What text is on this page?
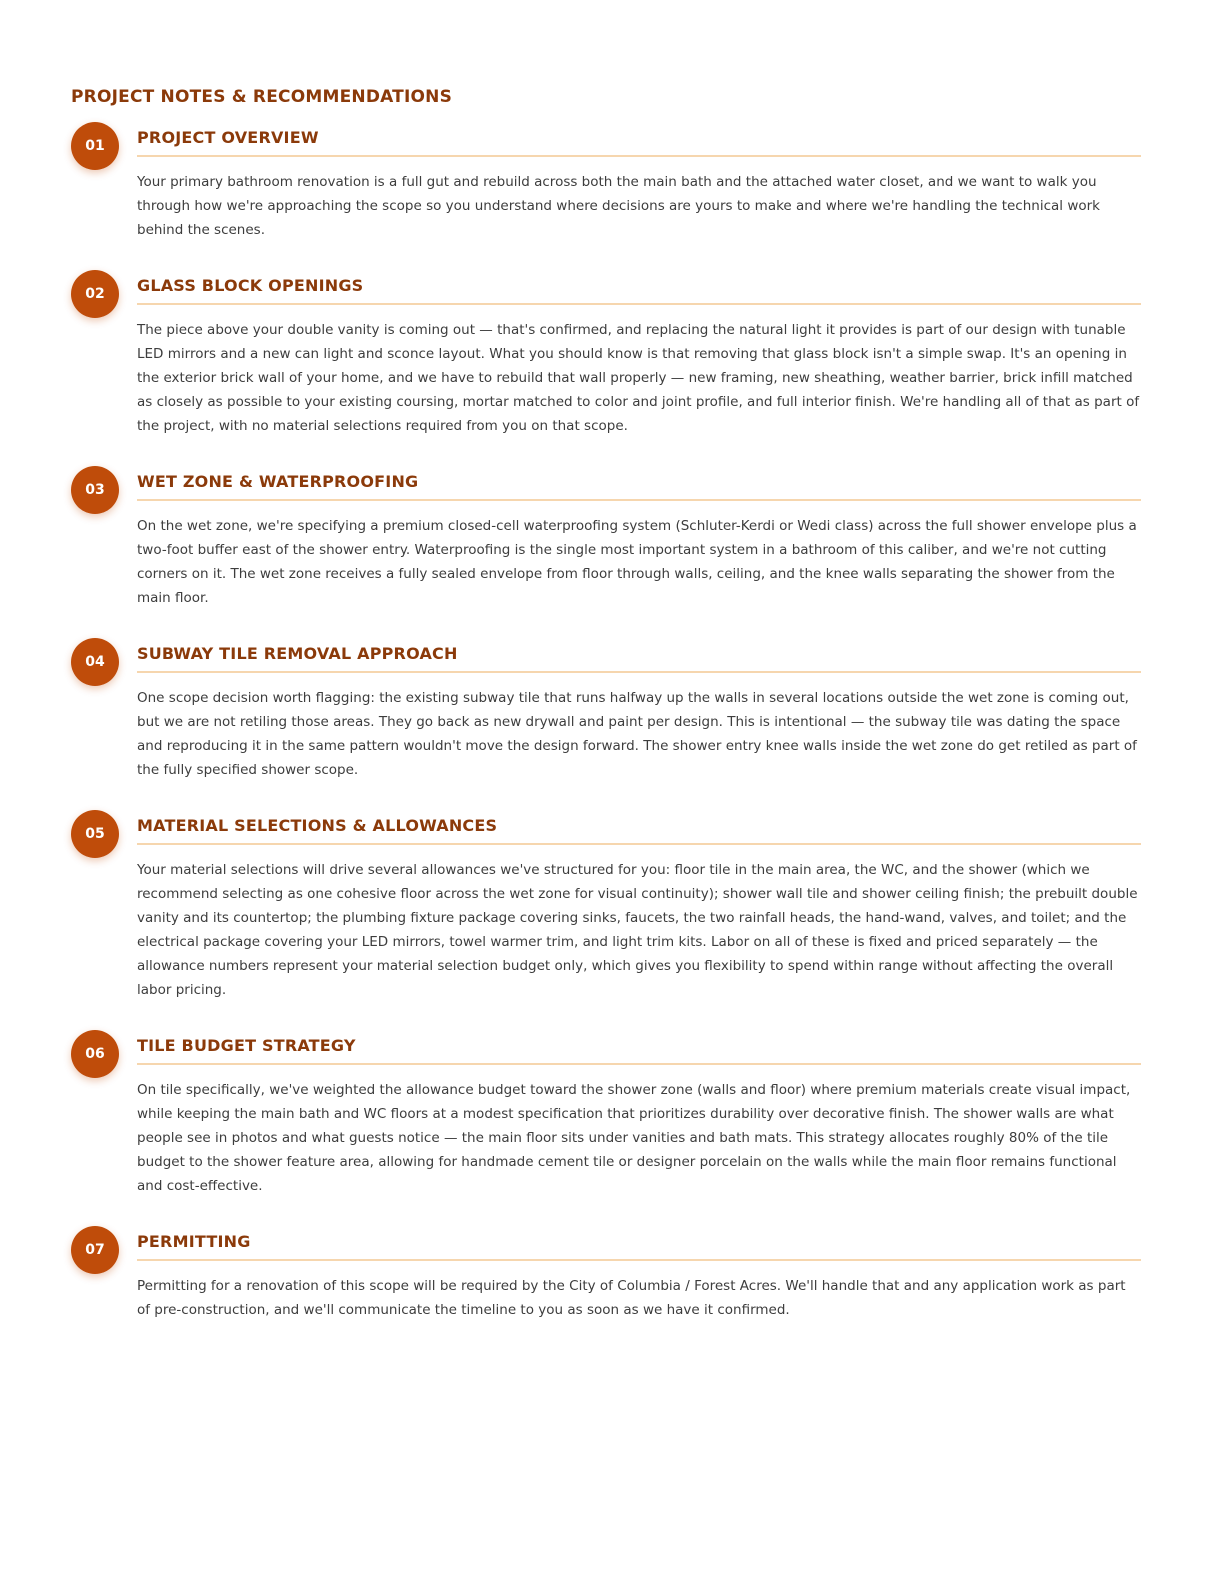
PROJECT NOTES & RECOMMENDATIONS
01	PROJECT OVERVIEW

Your primary bathroom renovation is a full gut and rebuild across both the main bath and the attached water closet, and we want to walk you through how we're approaching the scope so you understand where decisions are yours to make and where we're handling the technical work behind the scenes.

02	GLASS BLOCK OPENINGS

The piece above your double vanity is coming out — that's confirmed, and replacing the natural light it provides is part of our design with tunable LED mirrors and a new can light and sconce layout. What you should know is that removing that glass block isn't a simple swap. It's an opening in the exterior brick wall of your home, and we have to rebuild that wall properly — new framing, new sheathing, weather barrier, brick infill matched as closely as possible to your existing coursing, mortar matched to color and joint profile, and full interior finish. We're handling all of that as part of the project, with no material selections required from you on that scope.

03	WET ZONE & WATERPROOFING

On the wet zone, we're specifying a premium closed-cell waterproofing system (Schluter-Kerdi or Wedi class) across the full shower envelope plus a two-foot buffer east of the shower entry. Waterproofing is the single most important system in a bathroom of this caliber, and we're not cutting corners on it. The wet zone receives a fully sealed envelope from floor through walls, ceiling, and the knee walls separating the shower from the main floor.

04	SUBWAY TILE REMOVAL APPROACH

One scope decision worth flagging: the existing subway tile that runs halfway up the walls in several locations outside the wet zone is coming out, but we are not retiling those areas. They go back as new drywall and paint per design. This is intentional — the subway tile was dating the space and reproducing it in the same pattern wouldn't move the design forward. The shower entry knee walls inside the wet zone do get retiled as part of the fully specified shower scope.

05	MATERIAL SELECTIONS & ALLOWANCES

Your material selections will drive several allowances we've structured for you: floor tile in the main area, the WC, and the shower (which we recommend selecting as one cohesive floor across the wet zone for visual continuity); shower wall tile and shower ceiling finish; the prebuilt double vanity and its countertop; the plumbing fixture package covering sinks, faucets, the two rainfall heads, the hand-wand, valves, and toilet; and the electrical package covering your LED mirrors, towel warmer trim, and light trim kits. Labor on all of these is fixed and priced separately — the allowance numbers represent your material selection budget only, which gives you flexibility to spend within range without affecting the overall labor pricing.

06	TILE BUDGET STRATEGY

On tile specifically, we've weighted the allowance budget toward the shower zone (walls and floor) where premium materials create visual impact, while keeping the main bath and WC floors at a modest specification that prioritizes durability over decorative finish. The shower walls are what people see in photos and what guests notice — the main floor sits under vanities and bath mats. This strategy allocates roughly 80% of the tile budget to the shower feature area, allowing for handmade cement tile or designer porcelain on the walls while the main floor remains functional and cost-effective.

07	PERMITTING

Permitting for a renovation of this scope will be required by the City of Columbia / Forest Acres. We'll handle that and any application work as part of pre-construction, and we'll communicate the timeline to you as soon as we have it confirmed.
